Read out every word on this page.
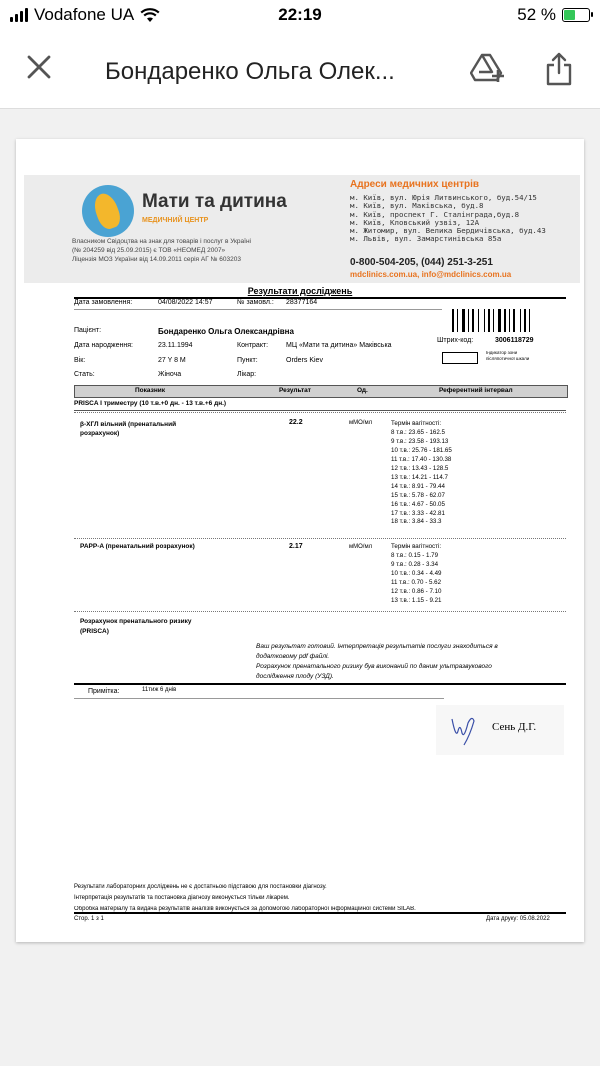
Vodafone UA	22:19	52 %
Бондаренко Ольга Олек...
Мати та дитина
МЕДИЧНИЙ ЦЕНТР
Власником Свідоцтва на знак для товарів і послуг в Україні
(№ 204259 від 25.09.2015) є ТОВ «НЕОМЕД 2007»
Ліцензія МОЗ України від 14.09.2011 серія АГ № 603203
Адреси медичних центрів
м. Київ, вул. Юрія Литвинського, буд.54/15
м. Київ, вул. Маківська, буд.8
м. Київ, проспект Г. Сталінграда,буд.8
м. Київ, Кловський узвіз, 12А
м. Житомир, вул. Велика Бердичівська, буд.43
м. Львів, вул. Замарстинівська 85а
0-800-504-205, (044) 251-3-251
mdclinics.com.ua, info@mdclinics.com.ua
Результати досліджень
Дата замовлення:	04/08/2022 14:57	№ замовл.: 28377164
Пацієнт:	Бондаренко Ольга Олександрівна
Штрих-код:	3006118729
Дата народження:	23.11.1994	Контракт:	МЦ «Мати та дитина» Маківська
Індикатор зони
післяпотичної шкали
Вік:	27 Y 8 M	Пункт:	Orders Kiev
Стать:	Жіноча	Лікар:
Показник	Результат	Од.	Референтний інтервал
PRISCA I триместру (10 т.в.+0 дн. - 13 т.в.+6 дн.)
β-ХГЛ вільний (пренатальний
розрахунок)
22.2	мМО/мл	Термін вагітності:
8 т.в.: 23.65 - 162.5
9 т.в.: 23.58 - 193.13
10 т.в.: 25.76 - 181.65
11 т.в.: 17.40 - 130.38
12 т.в.: 13.43 - 128.5
13 т.в.: 14.21 - 114.7
14 т.в.: 8.91 - 79.44
15 т.в.: 5.78 - 62.07
16 т.в.: 4.67 - 50.05
17 т.в.: 3.33 - 42.81
18 т.в.: 3.84 - 33.3
PAPP-A (пренатальний розрахунок)	2.17	мМО/мл	Термін вагітності:
8 т.в.: 0.15 - 1.79
9 т.в.: 0.28 - 3.34
10 т.в.: 0.34 - 4.49
11 т.в.: 0.70 - 5.62
12 т.в.: 0.86 - 7.10
13 т.в.: 1.15 - 9.21
Розрахунок пренатального ризику
(PRISCA)
Ваш результат готовий. Інтерпретація результатів послуги знаходиться в
додатковому pdf файлі.
Розрахунок пренатального ризику був виконаний по даним ультразвукового
дослідження плоду (УЗД).
Примітка:	11тиж 6 днів
Сень Д.Г.
Результати лабораторних досліджень не є достатньою підставою для постановки діагнозу.
Інтерпретація результатів та постановка діагнозу виконується тільки лікарем.
Обробка матеріалу та видача результатів аналізів виконується за допомогою лабораторної інформаційної системи SILAB.
Стор. 1 з 1	Дата друку: 05.08.2022
